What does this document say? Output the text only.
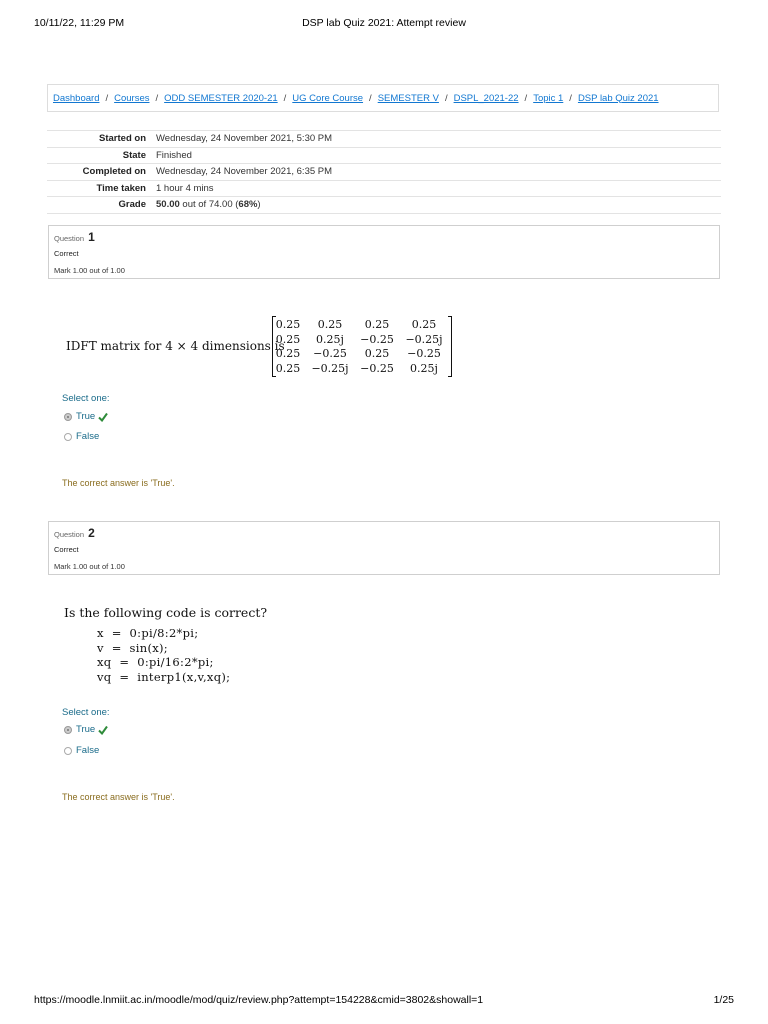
10/11/22, 11:29 PM	DSP lab Quiz 2021: Attempt review
Dashboard / Courses / ODD SEMESTER 2020-21 / UG Core Course / SEMESTER V / DSPL_2021-22 / Topic 1 / DSP lab Quiz 2021
Started on	Wednesday, 24 November 2021, 5:30 PM
State	Finished
Completed on	Wednesday, 24 November 2021, 6:35 PM
Time taken	1 hour 4 mins
Grade	50.00 out of 74.00 (68%)
Question 1
Correct
Mark 1.00 out of 1.00
IDFT matrix for 4 × 4 dimensions is
0.25	0.25	0.25	0.25
0.25	0.25j	−0.25	−0.25j
0.25	−0.25	0.25	−0.25
0.25	−0.25j	−0.25	0.25j
Select one:
True
False
The correct answer is 'True'.
Question 2
Correct
Mark 1.00 out of 1.00
Is the following code is correct?
x  =  0:pi/8:2*pi;
v  =  sin(x);
xq  =  0:pi/16:2*pi;
vq  =  interp1(x,v,xq);
Select one:
True
False
The correct answer is 'True'.
https://moodle.lnmiit.ac.in/moodle/mod/quiz/review.php?attempt=154228&cmid=3802&showall=1	1/25
